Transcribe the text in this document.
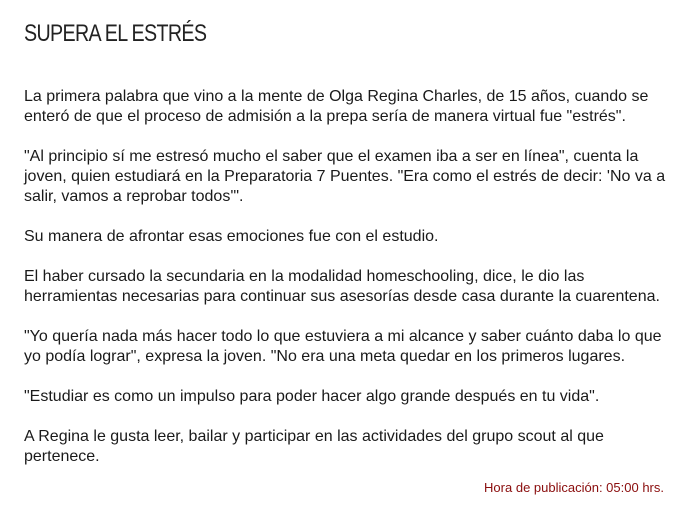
SUPERA EL ESTRÉS

La primera palabra que vino a la mente de Olga Regina Charles, de 15 años, cuando se enteró de que el proceso de admisión a la prepa sería de manera virtual fue "estrés".

"Al principio sí me estresó mucho el saber que el examen iba a ser en línea", cuenta la joven, quien estudiará en la Preparatoria 7 Puentes. "Era como el estrés de decir: 'No va a salir, vamos a reprobar todos'".

Su manera de afrontar esas emociones fue con el estudio.

El haber cursado la secundaria en la modalidad homeschooling, dice, le dio las herramientas necesarias para continuar sus asesorías desde casa durante la cuarentena.

"Yo quería nada más hacer todo lo que estuviera a mi alcance y saber cuánto daba lo que yo podía lograr", expresa la joven. "No era una meta quedar en los primeros lugares.

"Estudiar es como un impulso para poder hacer algo grande después en tu vida".

A Regina le gusta leer, bailar y participar en las actividades del grupo scout al que pertenece.

Hora de publicación: 05:00 hrs.
